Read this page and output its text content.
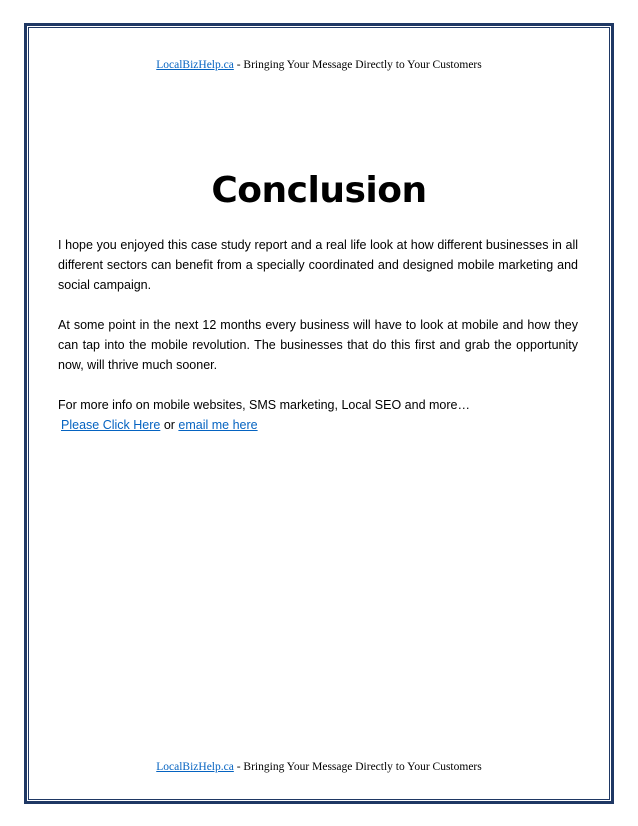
LocalBizHelp.ca - Bringing Your Message Directly to Your Customers
Conclusion

I hope you enjoyed this case study report and a real life look at how different businesses in all different sectors can benefit from a specially coordinated and designed mobile marketing and social campaign.

At some point in the next 12 months every business will have to look at mobile and how they can tap into the mobile revolution. The businesses that do this first and grab the opportunity now, will thrive much sooner.

For more info on mobile websites, SMS marketing, Local SEO and more…

Please Click Here or email me here

LocalBizHelp.ca - Bringing Your Message Directly to Your Customers
